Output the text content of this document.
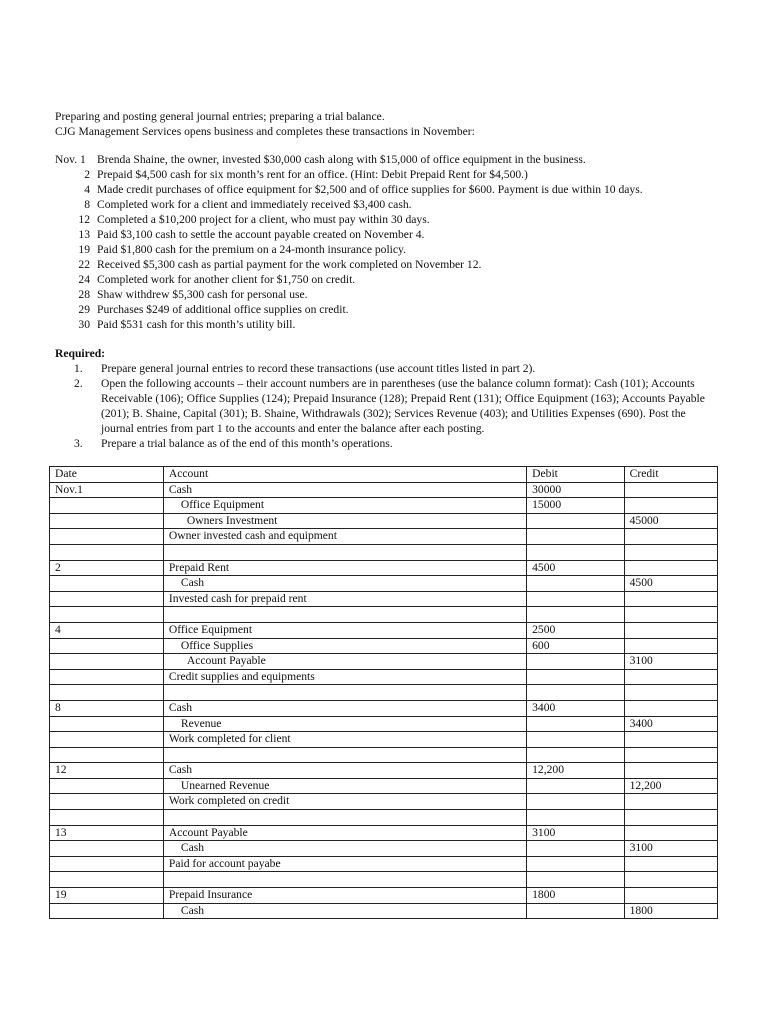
Preparing and posting general journal entries; preparing a trial balance.

CJG Management Services opens business and completes these transactions in November:

Nov. 1 Brenda Shaine, the owner, invested $30,000 cash along with $15,000 of office equipment in the business.
2 Prepaid $4,500 cash for six month’s rent for an office. (Hint: Debit Prepaid Rent for $4,500.)
4 Made credit purchases of office equipment for $2,500 and of office supplies for $600. Payment is due within 10 days.
8 Completed work for a client and immediately received $3,400 cash.
12 Completed a $10,200 project for a client, who must pay within 30 days.
13 Paid $3,100 cash to settle the account payable created on November 4.
19 Paid $1,800 cash for the premium on a 24-month insurance policy.
22 Received $5,300 cash as partial payment for the work completed on November 12.
24 Completed work for another client for $1,750 on credit.
28 Shaw withdrew $5,300 cash for personal use.
29 Purchases $249 of additional office supplies on credit.
30 Paid $531 cash for this month’s utility bill.
Required:
1.	Prepare general journal entries to record these transactions (use account titles listed in part 2).
2.	Open the following accounts – their account numbers are in parentheses (use the balance column format): Cash (101); Accounts Receivable (106); Office Supplies (124); Prepaid Insurance (128); Prepaid Rent (131); Office Equipment (163); Accounts Payable (201); B. Shaine, Capital (301); B. Shaine, Withdrawals (302); Services Revenue (403); and Utilities Expenses (690). Post the journal entries from part 1 to the accounts and enter the balance after each posting.
3.	Prepare a trial balance as of the end of this month’s operations.
Date	Account	Debit	Credit
Nov.1	Cash	30000	
	Office Equipment	15000	
	Owners Investment		45000
	Owner invested cash and equipment		

2	Prepaid Rent	4500	
	Cash		4500
	Invested cash for prepaid rent		

4	Office Equipment	2500	
	Office Supplies	600	
	Account Payable		3100
	Credit supplies and equipments		

8	Cash	3400	
	Revenue		3400
	Work completed for client		

12	Cash	12,200	
	Unearned Revenue		12,200
	Work completed on credit		

13	Account Payable	3100	
	Cash		3100
	Paid for account payabe		

19	Prepaid Insurance	1800	
	Cash		1800
